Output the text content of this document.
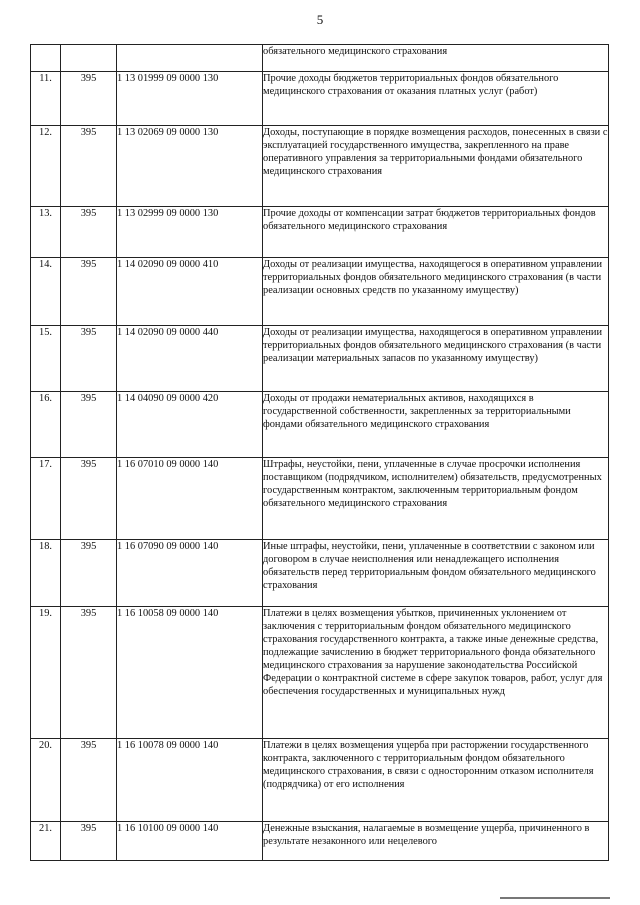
5
			обязательного медицинского страхования
11.	395	1 13 01999 09 0000 130	Прочие доходы бюджетов территориальных фондов обязательного медицинского страхования от оказания платных услуг (работ)
12.	395	1 13 02069 09 0000 130	Доходы, поступающие в порядке возмещения расходов, понесенных в связи с эксплуатацией государственного имущества, закрепленного на праве оперативного управления за территориальными фондами обязательного медицинского страхования
13.	395	1 13 02999 09 0000 130	Прочие доходы от компенсации затрат бюджетов территориальных фондов обязательного медицинского страхования
14.	395	1 14 02090 09 0000 410	Доходы от реализации имущества, находящегося в оперативном управлении территориальных фондов обязательного медицинского страхования (в части реализации основных средств по указанному имуществу)
15.	395	1 14 02090 09 0000 440	Доходы от реализации имущества, находящегося в оперативном управлении территориальных фондов обязательного медицинского страхования (в части реализации материальных запасов по указанному имуществу)
16.	395	1 14 04090 09 0000 420	Доходы от продажи нематериальных активов, находящихся в государственной собственности, закрепленных за территориальными фондами обязательного медицинского страхования
17.	395	1 16 07010 09 0000 140	Штрафы, неустойки, пени, уплаченные в случае просрочки исполнения поставщиком (подрядчиком, исполнителем) обязательств, предусмотренных государственным контрактом, заключенным территориальным фондом обязательного медицинского страхования
18.	395	1 16 07090 09 0000 140	Иные штрафы, неустойки, пени, уплаченные в соответствии с законом или договором в случае неисполнения или ненадлежащего исполнения обязательств перед территориальным фондом обязательного медицинского страхования
19.	395	1 16 10058 09 0000 140	Платежи в целях возмещения убытков, причиненных уклонением от заключения с территориальным фондом обязательного медицинского страхования государственного контракта, а также иные денежные средства, подлежащие зачислению в бюджет территориального фонда обязательного медицинского страхования за нарушение законодательства Российской Федерации о контрактной системе в сфере закупок товаров, работ, услуг для обеспечения государственных и муниципальных нужд
20.	395	1 16 10078 09 0000 140	Платежи в целях возмещения ущерба при расторжении государственного контракта, заключенного с территориальным фондом обязательного медицинского страхования, в связи с односторонним отказом исполнителя (подрядчика) от его исполнения
21.	395	1 16 10100 09 0000 140	Денежные взыскания, налагаемые в возмещение ущерба, причиненного в результате незаконного или нецелевого
